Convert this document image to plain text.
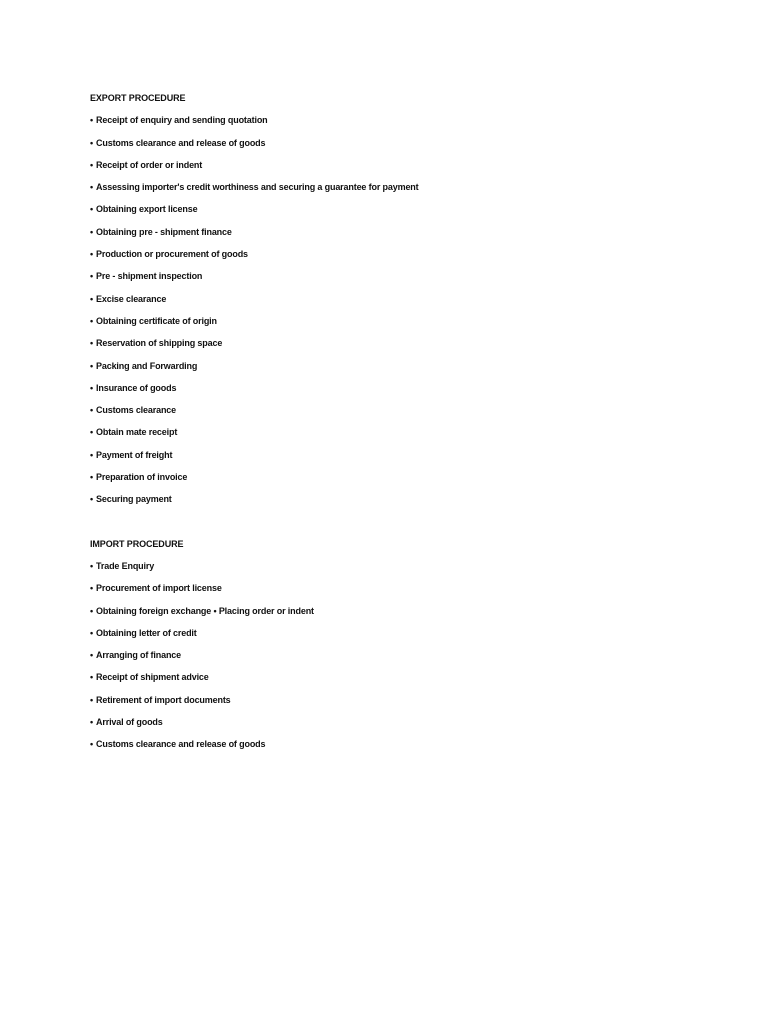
EXPORT PROCEDURE
• Receipt of enquiry and sending quotation
• Customs clearance and release of goods
• Receipt of order or indent
• Assessing importer's credit worthiness and securing a guarantee for payment
• Obtaining export license
• Obtaining pre - shipment finance
• Production or procurement of goods
• Pre - shipment inspection
• Excise clearance
• Obtaining certificate of origin
• Reservation of shipping space
• Packing and Forwarding
• Insurance of goods
• Customs clearance
• Obtain mate receipt
• Payment of freight
• Preparation of invoice
• Securing payment
IMPORT PROCEDURE
• Trade Enquiry
• Procurement of import license
• Obtaining foreign exchange • Placing order or indent
• Obtaining letter of credit
• Arranging of finance
• Receipt of shipment advice
• Retirement of import documents
• Arrival of goods
• Customs clearance and release of goods
